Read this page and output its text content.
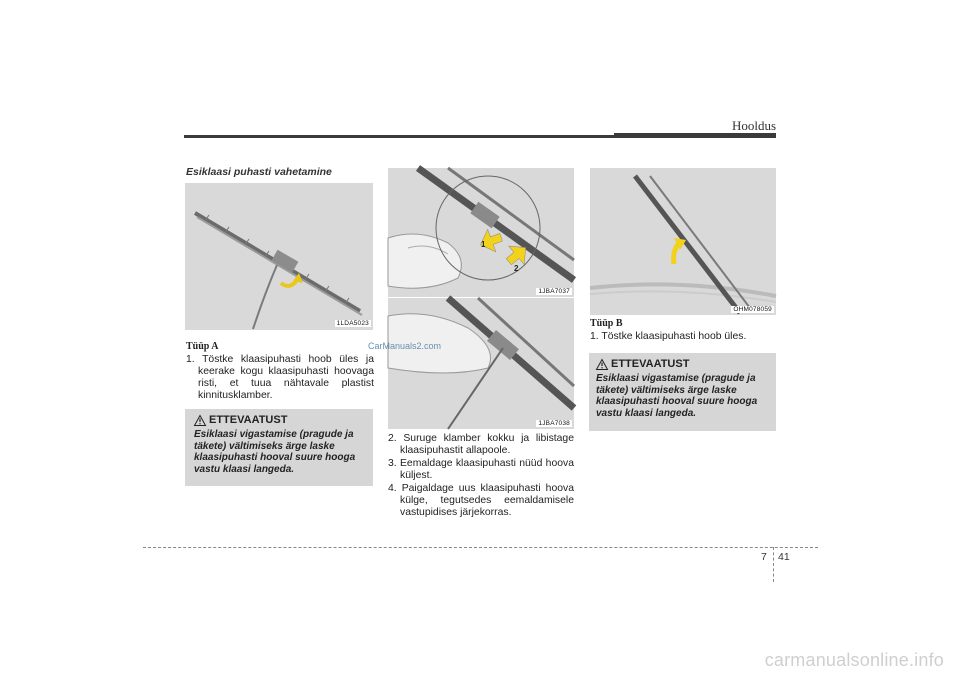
Hooldus
Esiklaasi puhasti vahetamine
1LDA5023
Tüüp A
1. Töstke klaasipuhasti hoob üles ja keerake kogu klaasipuhasti hoovaga risti, et tuua nähtavale plastist kinnitusklamber.
ETTEVAATUST
Esiklaasi vigastamise (pragude ja täkete) vältimiseks ärge laske klaasipuhasti hooval suure hooga vastu klaasi langeda.
1
2
1JBA7037
CarManuals2.com
1JBA7038
2. Suruge klamber kokku ja libistage klaasipuhastit allapoole.
3. Eemaldage klaasipuhasti nüüd hoova küljest.
4. Paigaldage uus klaasipuhasti hoova külge, tegutsedes eemaldamisele vastupidises järjekorras.
OHM078059
Tüüp B
1. Töstke klaasipuhasti hoob üles.
ETTEVAATUST
Esiklaasi vigastamise (pragude ja täkete) vältimiseks ärge laske klaasipuhasti hooval suure hooga vastu klaasi langeda.
7 41
carmanualsonline.info
